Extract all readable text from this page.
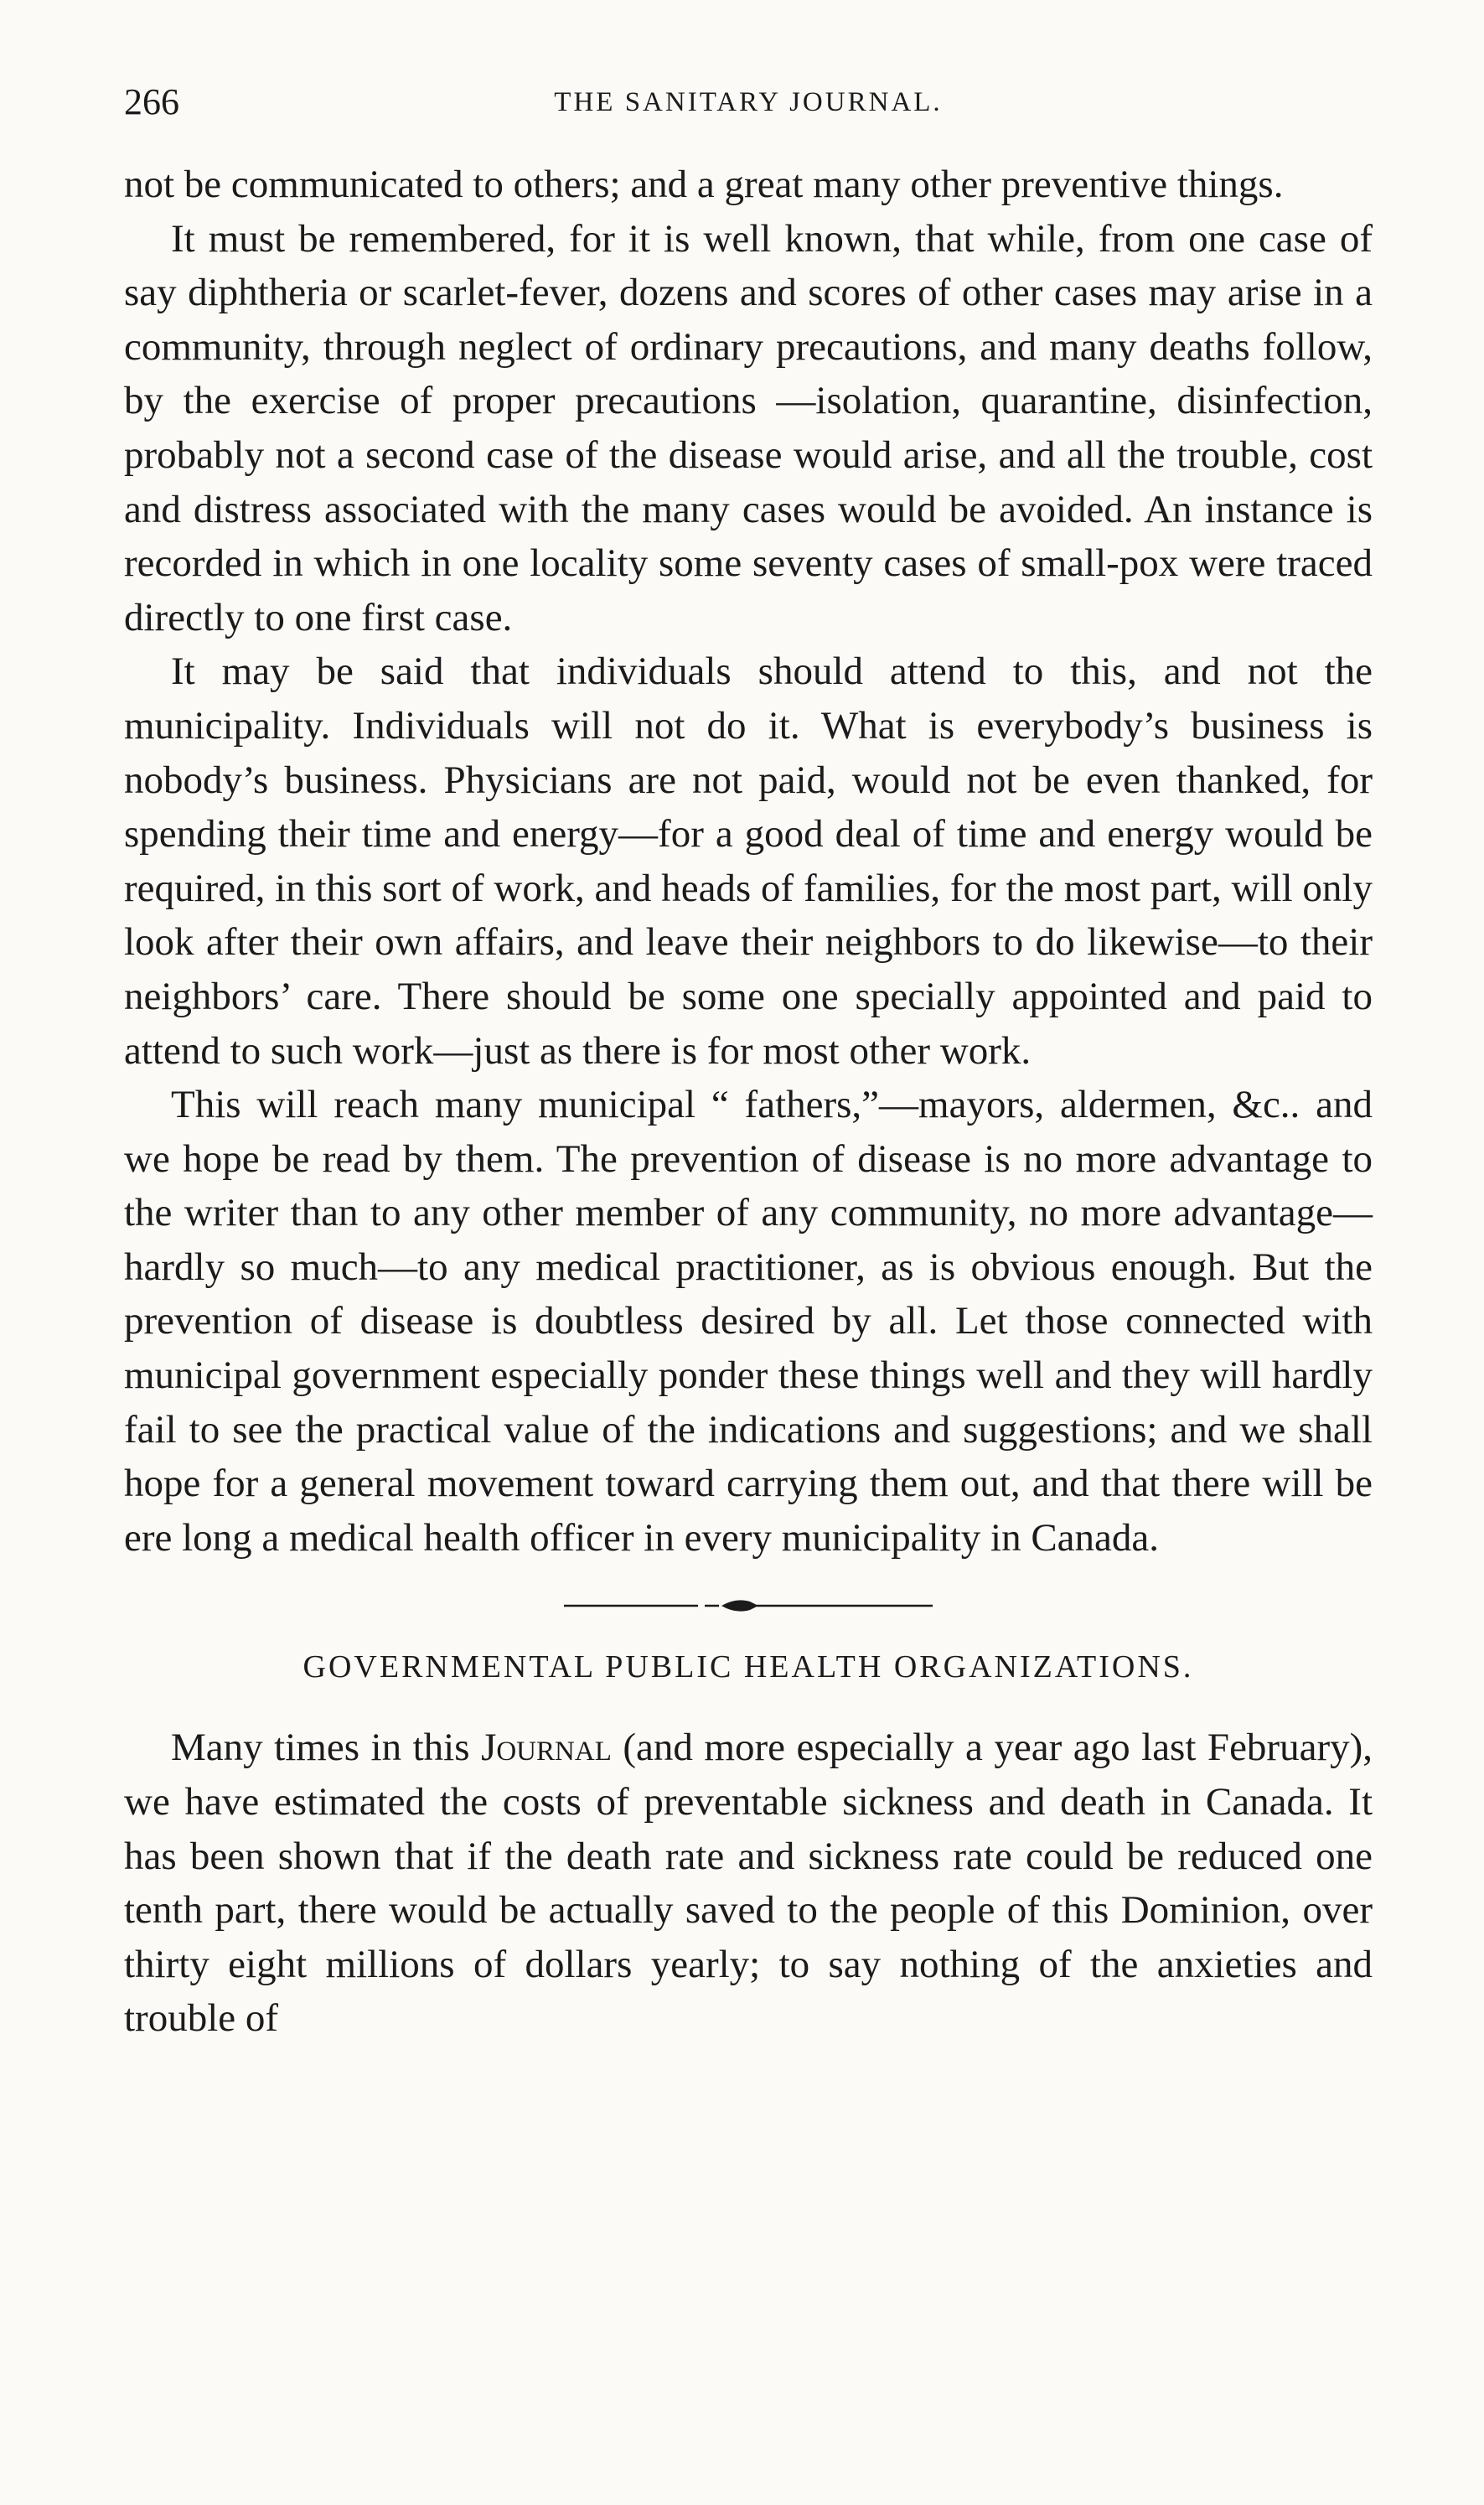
266	THE SANITARY JOURNAL.

not be communicated to others; and a great many other preventive things.

It must be remembered, for it is well known, that while, from one case of say diphtheria or scarlet-fever, dozens and scores of other cases may arise in a community, through neglect of ordinary precautions, and many deaths follow, by the exercise of proper precautions —isolation, quarantine, disinfection, probably not a second case of the disease would arise, and all the trouble, cost and distress associated with the many cases would be avoided. An instance is recorded in which in one locality some seventy cases of small-pox were traced directly to one first case.

It may be said that individuals should attend to this, and not the municipality. Individuals will not do it. What is everybody’s business is nobody’s business. Physicians are not paid, would not be even thanked, for spending their time and energy—for a good deal of time and energy would be required, in this sort of work, and heads of families, for the most part, will only look after their own affairs, and leave their neighbors to do likewise—to their neighbors’ care. There should be some one specially appointed and paid to attend to such work—just as there is for most other work.

This will reach many municipal “ fathers,”—mayors, aldermen, &c.. and we hope be read by them. The prevention of disease is no more advantage to the writer than to any other member of any community, no more advantage—hardly so much—to any medical practitioner, as is obvious enough. But the prevention of disease is doubtless desired by all. Let those connected with municipal government especially ponder these things well and they will hardly fail to see the practical value of the indications and suggestions; and we shall hope for a general movement toward carrying them out, and that there will be ere long a medical health officer in every municipality in Canada.

GOVERNMENTAL PUBLIC HEALTH ORGANIZATIONS.

Many times in this Journal (and more especially a year ago last February), we have estimated the costs of preventable sickness and death in Canada. It has been shown that if the death rate and sickness rate could be reduced one tenth part, there would be actually saved to the people of this Dominion, over thirty eight millions of dollars yearly; to say nothing of the anxieties and trouble of
